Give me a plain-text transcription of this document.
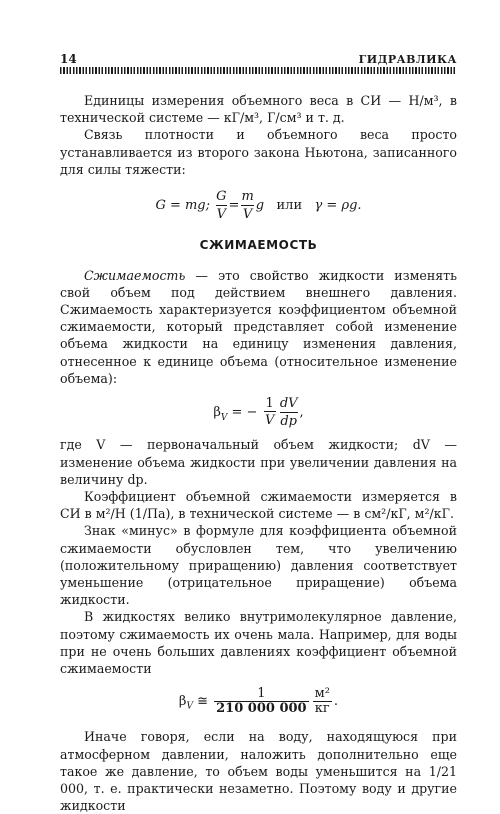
14	ГИДРАВЛИКА

Единицы измерения объемного веса в СИ — Н/м³, в технической системе — кГ/м³, Г/см³ и т. д.

Связь плотности и объемного веса просто устанавливается из второго закона Ньютона, записанного для силы тяжести:

G = mg; $\frac{G}{V} = \frac{m}{V}$ g или γ = ρg.
СЖИМАЕМОСТЬ

Сжимаемость — это свойство жидкости изменять свой объем под действием внешнего давления. Сжимаемость характеризуется коэффициентом объемной сжимаемости, который представляет собой изменение объема жидкости на единицу изменения давления, отнесенное к единице объема (относительное изменение объема):

$\beta_V$ = − $\frac{1}{V} \frac{dV}{dp}$ ,

где V — первоначальный объем жидкости; dV — изменение объема жидкости при увеличении давления на величину dp.

Коэффициент объемной сжимаемости измеряется в СИ в м²/Н (1/Па), в технической системе — в см²/кГ, м²/кГ.

Знак «минус» в формуле для коэффициента объемной сжимаемости обусловлен тем, что увеличению (положительному приращению) давления соответствует уменьшение (отрицательное приращение) объема жидкости.

В жидкостях велико внутримолекулярное давление, поэтому сжимаемость их очень мала. Например, для воды при не очень больших давлениях коэффициент объемной сжимаемости

$\beta_V$ ≅ $\frac{1}{210 000 000} \frac{\text{м²}}{кг}$ .

Иначе говоря, если на воду, находящуюся при атмосферном давлении, наложить дополнительно еще такое же давление, то объем воды уменьшится на 1/21 000, т. е. практически незаметно. Поэтому воду и другие жидкости
